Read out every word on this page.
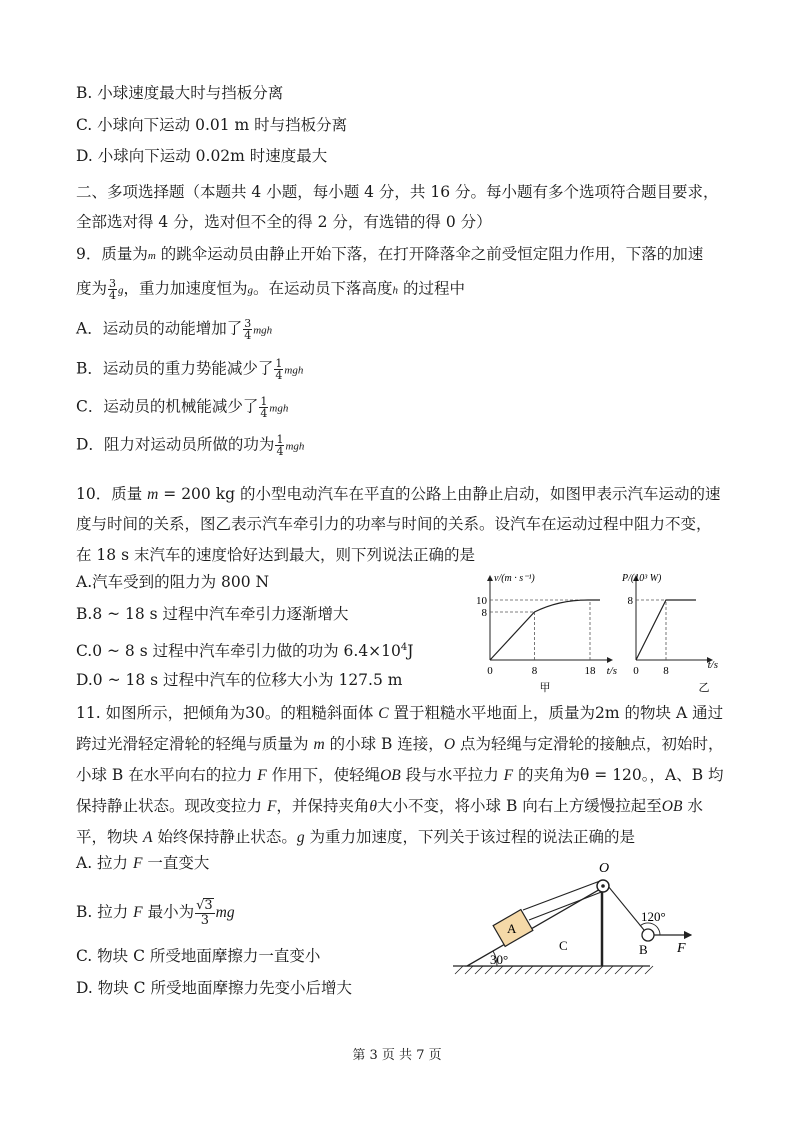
B. 小球速度最大时与挡板分离
C. 小球向下运动 0.01 m 时与挡板分离
D. 小球向下运动 0.02m 时速度最大
二、多项选择题（本题共 4 小题，每小题 4 分，共 16 分。每小题有多个选项符合题目要求，
全部选对得 4 分，选对但不全的得 2 分，有选错的得 0 分）
9．质量为m 的跳伞运动员由静止开始下落，在打开降落伞之前受恒定阻力作用，下落的加速
度为 $\frac{3}{4}$ g，重力加速度恒为g。在运动员下落高度h 的过程中
A．运动员的动能增加了 $\frac{3}{4}$ mgh
B．运动员的重力势能减少了 $\frac{1}{4}$ mgh
C．运动员的机械能减少了 $\frac{1}{4}$ mgh
D．阻力对运动员所做的功为 $\frac{1}{4}$ mgh
10．质量 m = 200 kg 的小型电动汽车在平直的公路上由静止启动，如图甲表示汽车运动的速
度与时间的关系，图乙表示汽车牵引力的功率与时间的关系。设汽车在运动过程中阻力不变，
在 18 s 末汽车的速度恰好达到最大，则下列说法正确的是
A.汽车受到的阻力为 800 N
B.8 ~ 18 s 过程中汽车牵引力逐渐增大
C.0 ~ 8 s 过程中汽车牵引力做的功为 $6.4\times 10^4J$
D.0 ~ 18 s 过程中汽车的位移大小为 127.5 m
v/(m · s⁻¹)
10
8
0	8	18 t/s
甲
P/(10³ W)
8
0 8	t/s
乙
11. 如图所示，把倾角为30。的粗糙斜面体 C 置于粗糙水平地面上，质量为2m 的物块 A 通过
跨过光滑轻定滑轮的轻绳与质量为 m 的小球 B 连接，O 点为轻绳与定滑轮的接触点，初始时，
小球 B 在水平向右的拉力 F 作用下，使轻绳OB 段与水平拉力 F 的夹角为θ = 120。，A、B 均
保持静止状态。现改变拉力 F，并保持夹角θ大小不变，将小球 B 向右上方缓慢拉起至OB 水
平，物块 A 始终保持静止状态。g 为重力加速度，下列关于该过程的说法正确的是
A. 拉力 F 一直变大
B. 拉力 F 最小为 $\frac{√3}{3}$ mg
C. 物块 C 所受地面摩擦力一直变小
D. 物块 C 所受地面摩擦力先变小后增大
O
A
C	B F
120°
30°
第 3 页 共 7 页
